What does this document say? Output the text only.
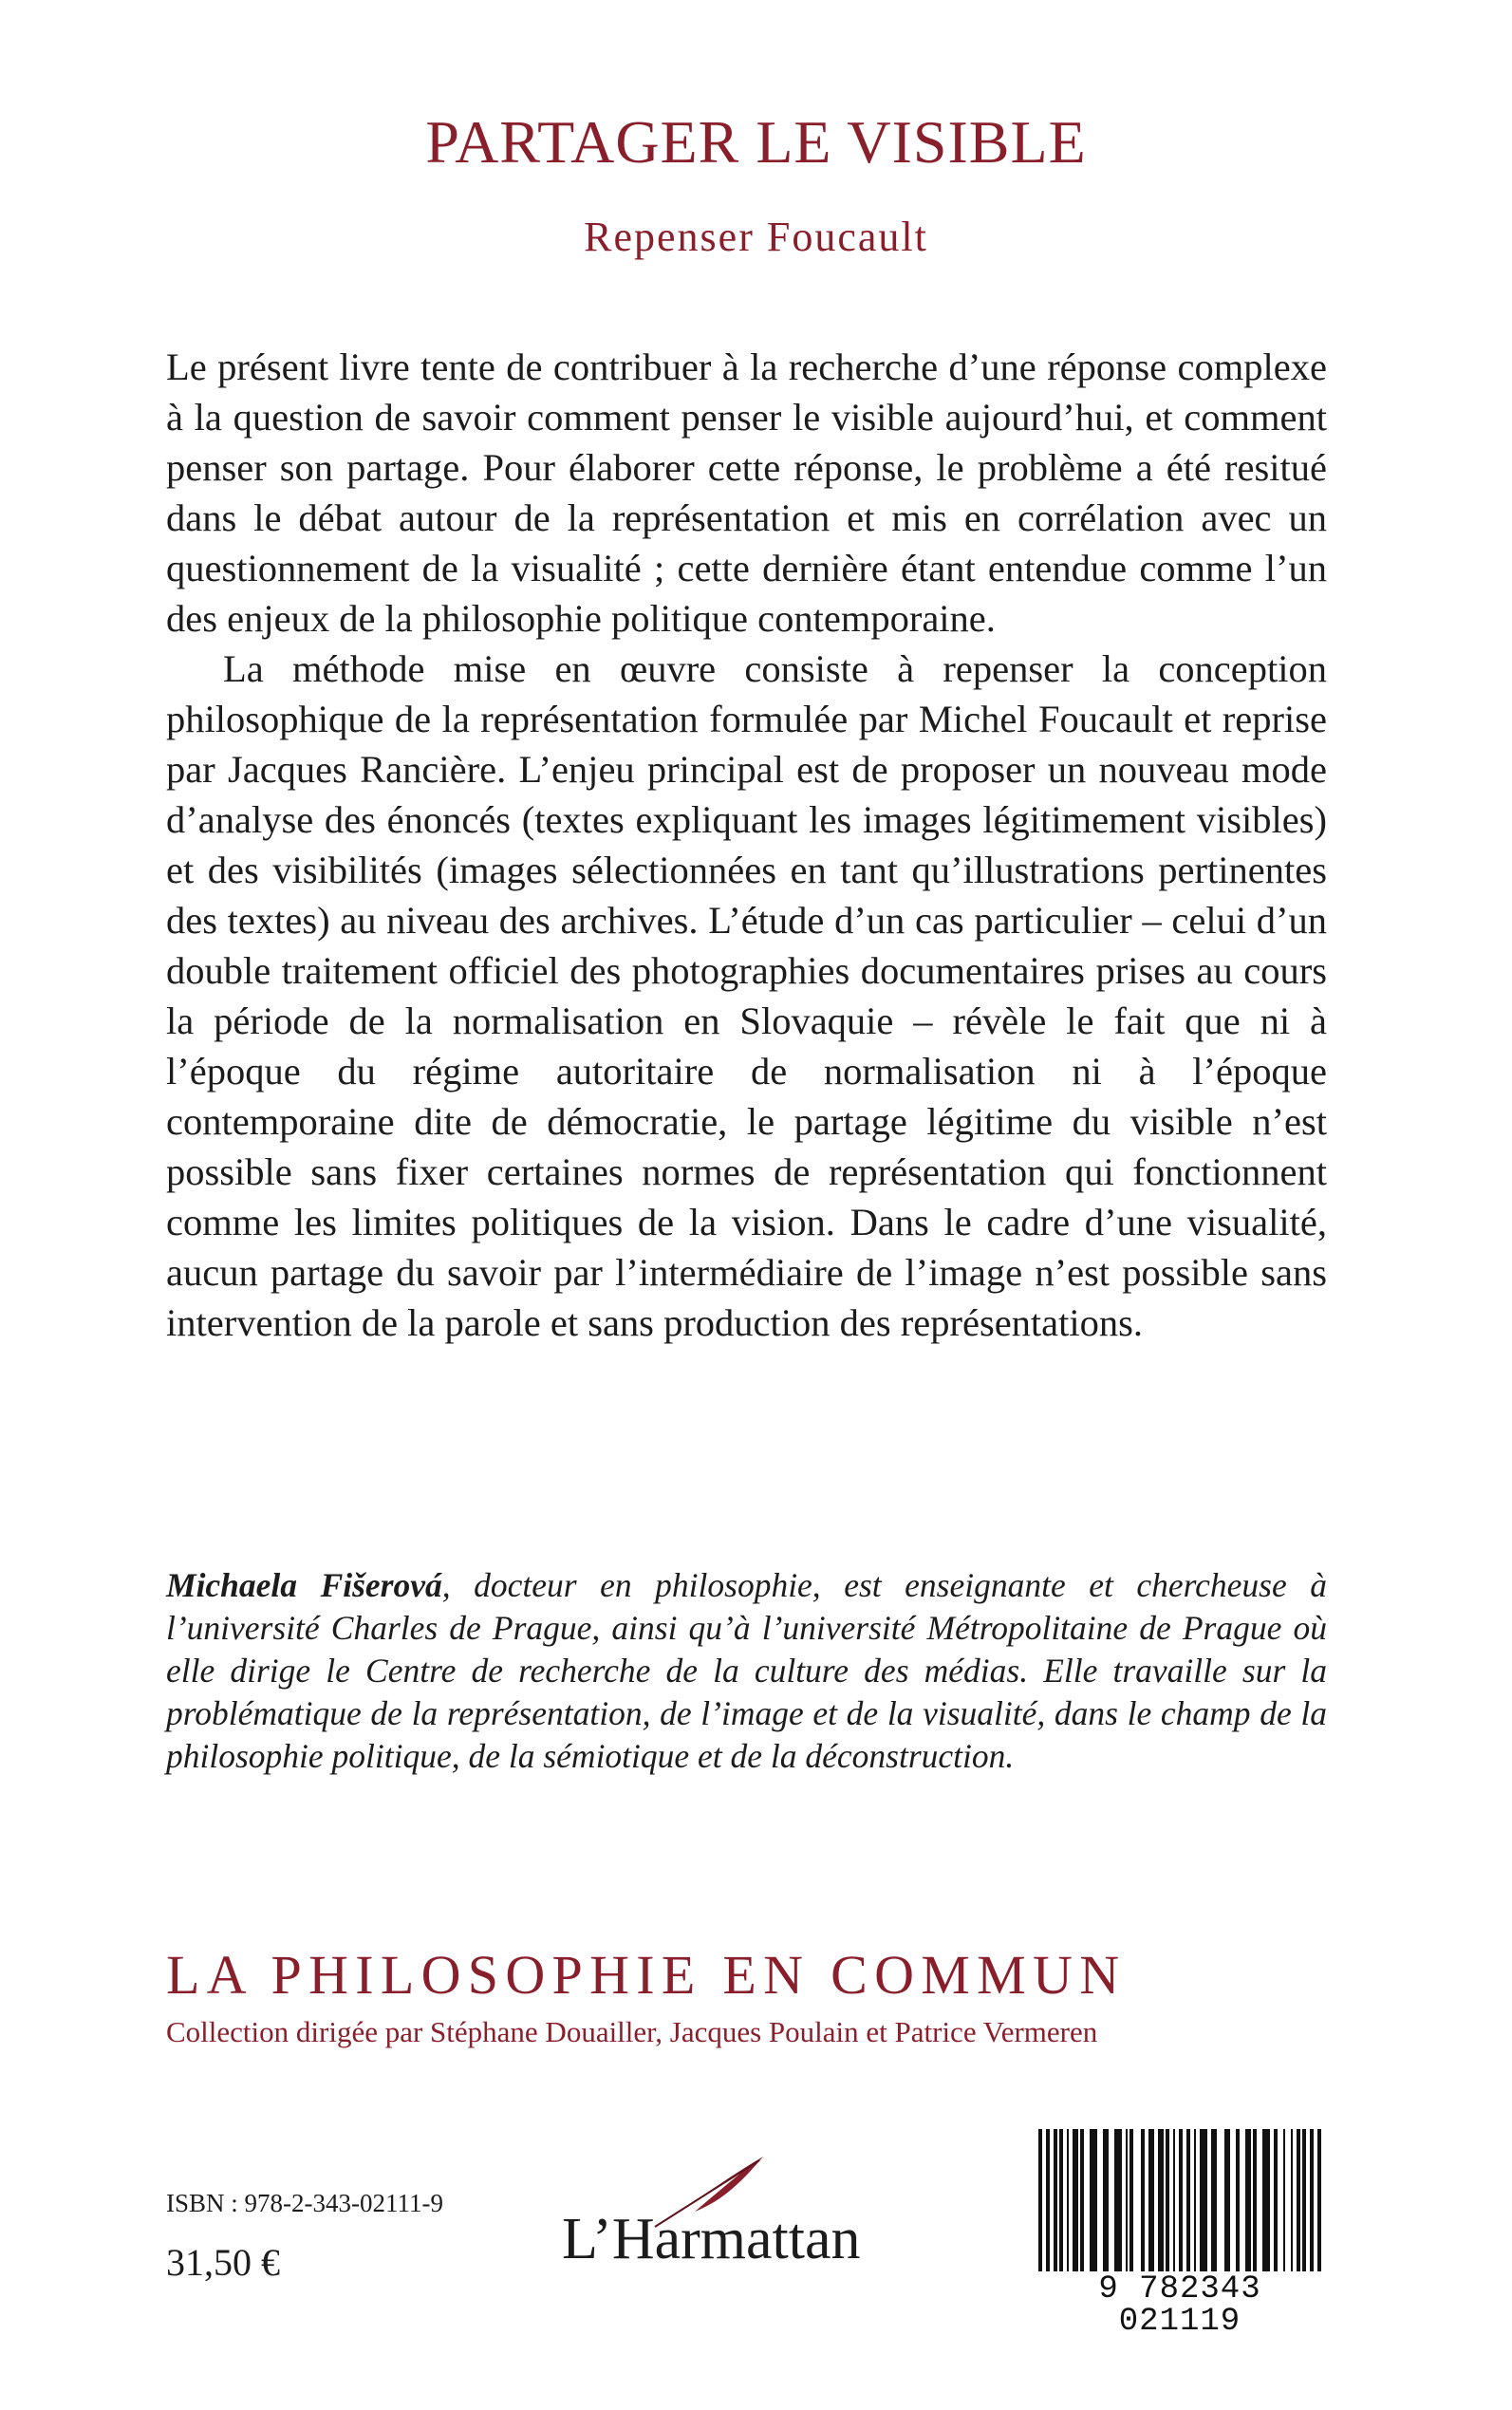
PARTAGER LE VISIBLE
Repenser Foucault

Le présent livre tente de contribuer à la recherche d’une réponse complexe à la question de savoir comment penser le visible aujourd’hui, et comment penser son partage. Pour élaborer cette réponse, le problème a été resitué dans le débat autour de la représentation et mis en corrélation avec un questionnement de la visualité ; cette dernière étant entendue comme l’un des enjeux de la philosophie politique contemporaine.

La méthode mise en œuvre consiste à repenser la conception philosophique de la représentation formulée par Michel Foucault et reprise par Jacques Rancière. L’enjeu principal est de proposer un nouveau mode d’analyse des énoncés (textes expliquant les images légitimement visibles) et des visibilités (images sélectionnées en tant qu’illustrations pertinentes des textes) au niveau des archives. L’étude d’un cas particulier – celui d’un double traitement officiel des photographies documentaires prises au cours la période de la normalisation en Slovaquie – révèle le fait que ni à l’époque du régime autoritaire de normalisation ni à l’époque contemporaine dite de démocratie, le partage légitime du visible n’est possible sans fixer certaines normes de représentation qui fonctionnent comme les limites politiques de la vision. Dans le cadre d’une visualité, aucun partage du savoir par l’intermédiaire de l’image n’est possible sans intervention de la parole et sans production des représentations.

Michaela Fišerová, docteur en philosophie, est enseignante et chercheuse à l’université Charles de Prague, ainsi qu’à l’université Métropolitaine de Prague où elle dirige le Centre de recherche de la culture des médias. Elle travaille sur la problématique de la représentation, de l’image et de la visualité, dans le champ de la philosophie politique, de la sémiotique et de la déconstruction.

LA PHILOSOPHIE EN COMMUN
Collection dirigée par Stéphane Douailler, Jacques Poulain et Patrice Vermeren
ISBN : 978-2-343-02111-9
31,50 €	L’Harmattan
9 782343 021119
